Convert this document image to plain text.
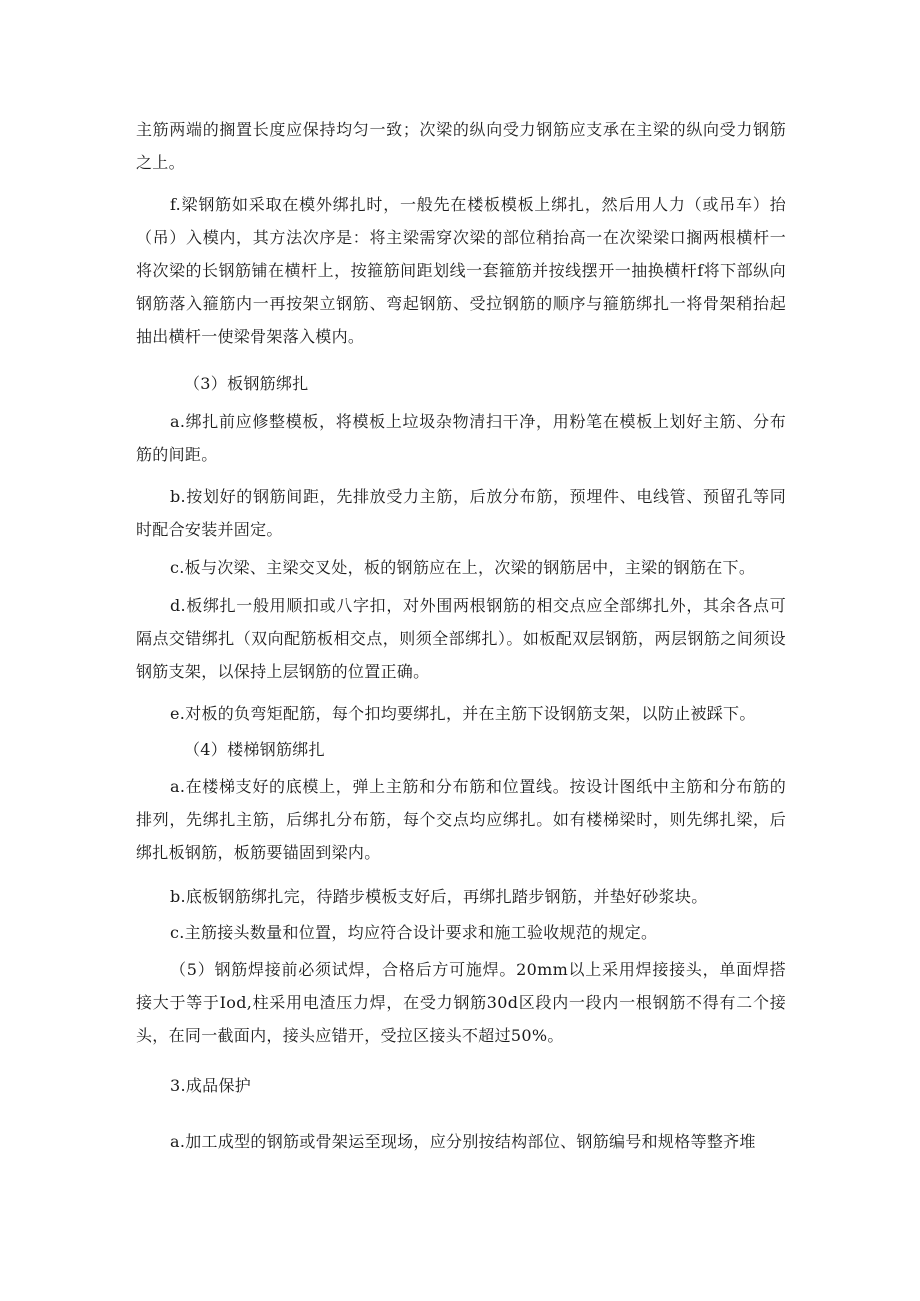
主筋两端的搁置长度应保持均匀一致；次梁的纵向受力钢筋应支承在主梁的纵向受力钢筋之上。

f.梁钢筋如采取在模外绑扎时，一般先在楼板模板上绑扎，然后用人力（或吊车）抬（吊）入模内，其方法次序是：将主梁需穿次梁的部位稍抬高一在次梁梁口搁两根横杆一将次梁的长钢筋铺在横杆上，按箍筋间距划线一套箍筋并按线摆开一抽换横杆f将下部纵向钢筋落入箍筋内一再按架立钢筋、弯起钢筋、受拉钢筋的顺序与箍筋绑扎一将骨架稍抬起抽出横杆一使梁骨架落入模内。

（3）板钢筋绑扎

a.绑扎前应修整模板，将模板上垃圾杂物清扫干净，用粉笔在模板上划好主筋、分布筋的间距。

b.按划好的钢筋间距，先排放受力主筋，后放分布筋，预埋件、电线管、预留孔等同时配合安装并固定。

c.板与次梁、主梁交叉处，板的钢筋应在上，次梁的钢筋居中，主梁的钢筋在下。

d.板绑扎一般用顺扣或八字扣，对外围两根钢筋的相交点应全部绑扎外，其余各点可隔点交错绑扎（双向配筋板相交点，则须全部绑扎）。如板配双层钢筋，两层钢筋之间须设钢筋支架，以保持上层钢筋的位置正确。

e.对板的负弯矩配筋，每个扣均要绑扎，并在主筋下设钢筋支架，以防止被踩下。

（4）楼梯钢筋绑扎

a.在楼梯支好的底模上，弹上主筋和分布筋和位置线。按设计图纸中主筋和分布筋的排列，先绑扎主筋，后绑扎分布筋，每个交点均应绑扎。如有楼梯梁时，则先绑扎梁，后绑扎板钢筋，板筋要锚固到梁内。

b.底板钢筋绑扎完，待踏步模板支好后，再绑扎踏步钢筋，并垫好砂浆块。

c.主筋接头数量和位置，均应符合设计要求和施工验收规范的规定。

（5）钢筋焊接前必须试焊，合格后方可施焊。20mm以上采用焊接接头，单面焊搭接大于等于Iod,柱采用电渣压力焊，在受力钢筋30d区段内一段内一根钢筋不得有二个接头，在同一截面内，接头应错开，受拉区接头不超过50%。

3.成品保护

a.加工成型的钢筋或骨架运至现场，应分别按结构部位、钢筋编号和规格等整齐堆
